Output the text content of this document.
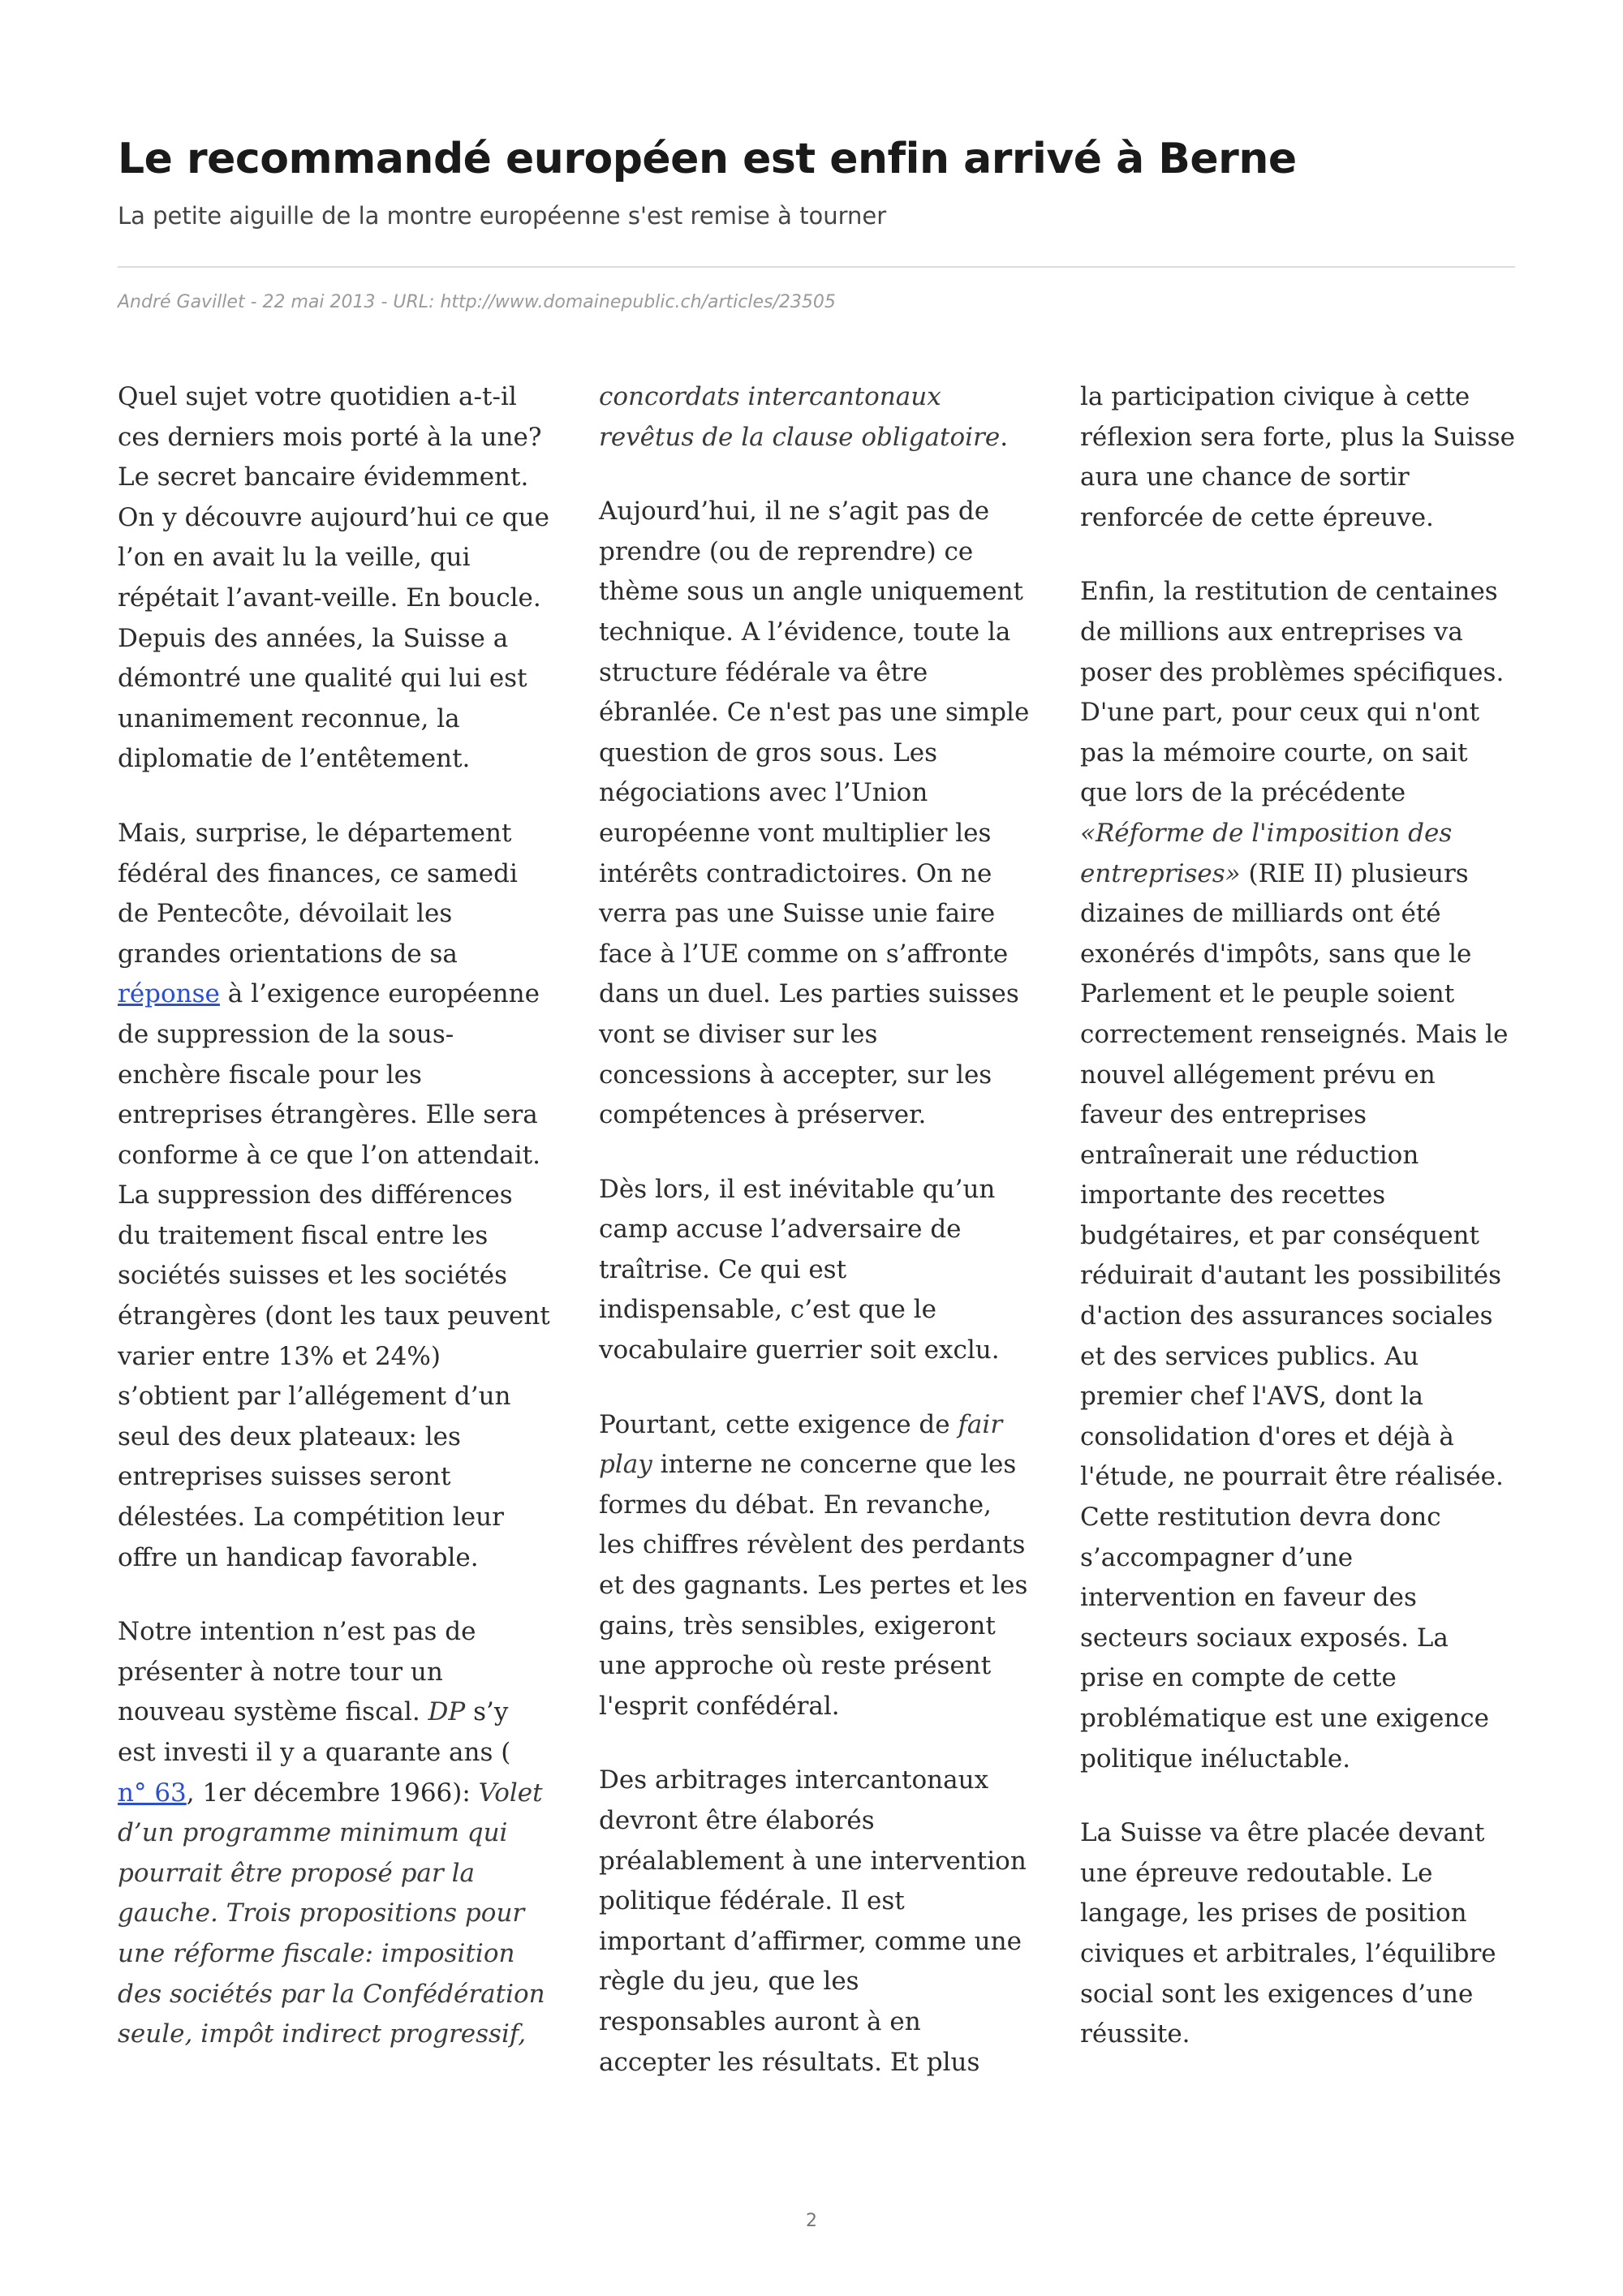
Le recommandé européen est enfin arrivé à Berne
La petite aiguille de la montre européenne s'est remise à tourner
André Gavillet - 22 mai 2013 - URL: http://www.domainepublic.ch/articles/23505

Quel sujet votre quotidien a-t-il ces derniers mois porté à la une? Le secret bancaire évidemment. On y découvre aujourd’hui ce que l’on en avait lu la veille, qui répétait l’avant-veille. En boucle. Depuis des années, la Suisse a démontré une qualité qui lui est unanimement reconnue, la diplomatie de l’entêtement.

Mais, surprise, le département fédéral des finances, ce samedi de Pentecôte, dévoilait les grandes orientations de sa réponse à l’exigence européenne de suppression de la sous-enchère fiscale pour les entreprises étrangères. Elle sera conforme à ce que l’on attendait. La suppression des différences du traitement fiscal entre les sociétés suisses et les sociétés étrangères (dont les taux peuvent varier entre 13% et 24%) s’obtient par l’allégement d’un seul des deux plateaux: les entreprises suisses seront délestées. La compétition leur offre un handicap favorable.

Notre intention n’est pas de présenter à notre tour un nouveau système fiscal. DP s’y est investi il y a quarante ans (
n° 63, 1er décembre 1966): Volet d’un programme minimum qui pourrait être proposé par la gauche. Trois propositions pour une réforme fiscale: imposition des sociétés par la Confédération seule, impôt indirect progressif,

concordats intercantonaux revêtus de la clause obligatoire.

Aujourd’hui, il ne s’agit pas de prendre (ou de reprendre) ce thème sous un angle uniquement technique. A l’évidence, toute la structure fédérale va être ébranlée. Ce n'est pas une simple question de gros sous. Les négociations avec l’Union européenne vont multiplier les intérêts contradictoires. On ne verra pas une Suisse unie faire face à l’UE comme on s’affronte dans un duel. Les parties suisses vont se diviser sur les concessions à accepter, sur les compétences à préserver.

Dès lors, il est inévitable qu’un camp accuse l’adversaire de traîtrise. Ce qui est indispensable, c’est que le vocabulaire guerrier soit exclu.

Pourtant, cette exigence de fair play interne ne concerne que les formes du débat. En revanche, les chiffres révèlent des perdants et des gagnants. Les pertes et les gains, très sensibles, exigeront une approche où reste présent l'esprit confédéral.

Des arbitrages intercantonaux devront être élaborés préalablement à une intervention politique fédérale. Il est important d’affirmer, comme une règle du jeu, que les responsables auront à en accepter les résultats. Et plus

la participation civique à cette réflexion sera forte, plus la Suisse aura une chance de sortir renforcée de cette épreuve.

Enfin, la restitution de centaines de millions aux entreprises va poser des problèmes spécifiques. D'une part, pour ceux qui n'ont pas la mémoire courte, on sait que lors de la précédente «Réforme de l'imposition des entreprises» (RIE II) plusieurs dizaines de milliards ont été exonérés d'impôts, sans que le Parlement et le peuple soient correctement renseignés. Mais le nouvel allégement prévu en faveur des entreprises entraînerait une réduction importante des recettes budgétaires, et par conséquent réduirait d'autant les possibilités d'action des assurances sociales et des services publics. Au premier chef l'AVS, dont la consolidation d'ores et déjà à l'étude, ne pourrait être réalisée. Cette restitution devra donc s’accompagner d’une intervention en faveur des secteurs sociaux exposés. La prise en compte de cette problématique est une exigence politique inéluctable.

La Suisse va être placée devant une épreuve redoutable. Le langage, les prises de position civiques et arbitrales, l’équilibre social sont les exigences d’une réussite.

2
